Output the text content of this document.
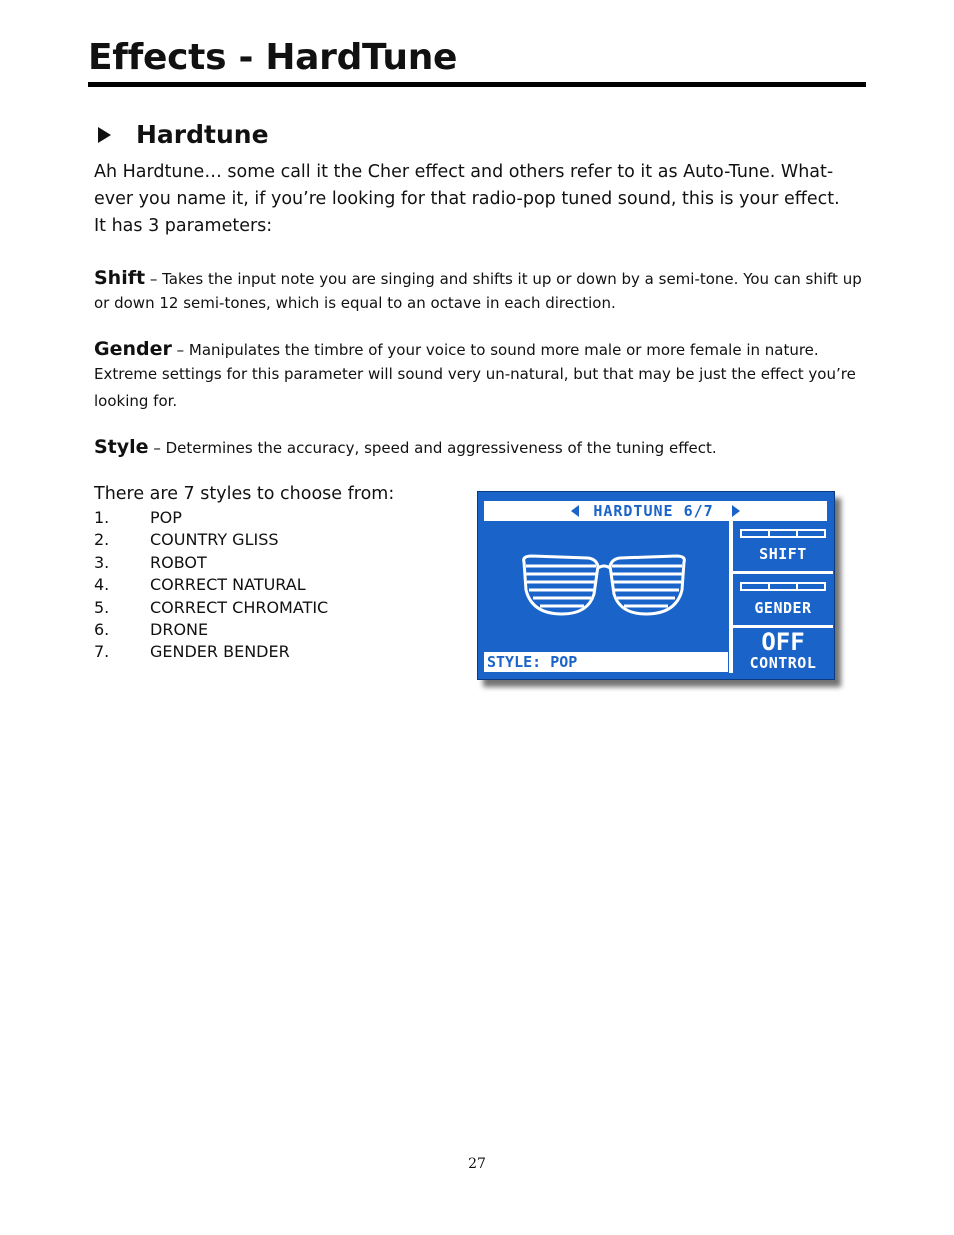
Effects - HardTune
Hardtune

Ah Hardtune… some call it the Cher effect and others refer to it as Auto-Tune. What-
ever you name it, if you’re looking for that radio-pop tuned sound, this is your effect.
It has 3 parameters:

Shift – Takes the input note you are singing and shifts it up or down by a semi-tone. You can shift up
or down 12 semi-tones, which is equal to an octave in each direction.

Gender – Manipulates the timbre of your voice to sound more male or more female in nature.
Extreme settings for this parameter will sound very un-natural, but that may be just the effect you’re
looking for.

Style – Determines the accuracy, speed and aggressiveness of the tuning effect.

There are 7 styles to choose from:

1.	POP
2.	COUNTRY GLISS
3.	ROBOT
4.	CORRECT NATURAL
5.	CORRECT CHROMATIC
6.	DRONE
7.	GENDER BENDER
HARDTUNE 6/7
SHIFT
GENDER
OFF
CONTROL
STYLE: POP
27
